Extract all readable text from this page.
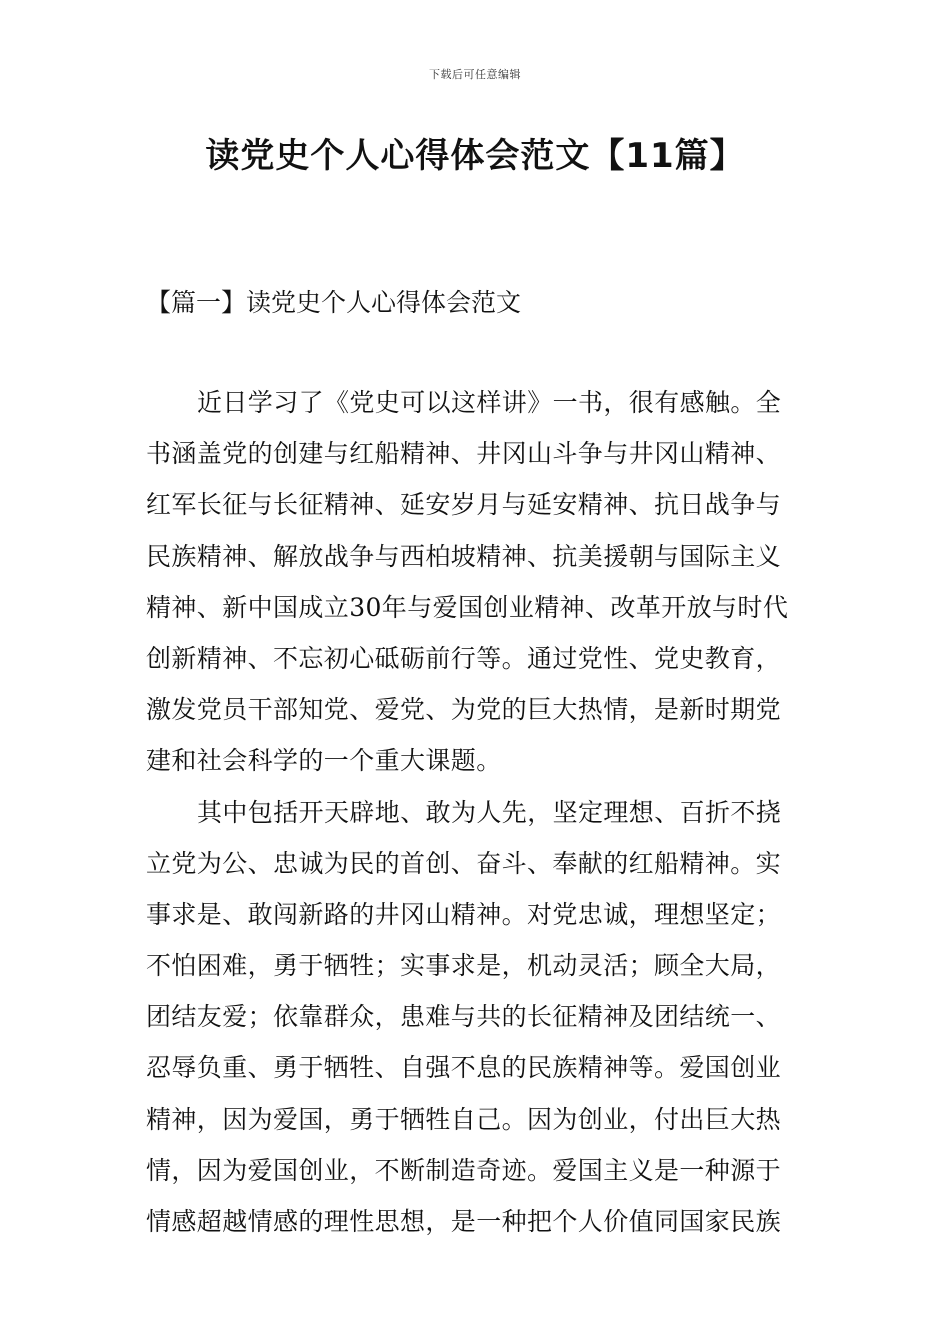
下载后可任意编辑
读党史个人心得体会范文【11篇】
【篇一】读党史个人心得体会范文
近日学习了《党史可以这样讲》一书，很有感触。全
书涵盖党的创建与红船精神、井冈山斗争与井冈山精神、
红军长征与长征精神、延安岁月与延安精神、抗日战争与
民族精神、解放战争与西柏坡精神、抗美援朝与国际主义
精神、新中国成立30年与爱国创业精神、改革开放与时代
创新精神、不忘初心砥砺前行等。通过党性、党史教育，
激发党员干部知党、爱党、为党的巨大热情，是新时期党
建和社会科学的一个重大课题。
其中包括开天辟地、敢为人先，坚定理想、百折不挠
立党为公、忠诚为民的首创、奋斗、奉献的红船精神。实
事求是、敢闯新路的井冈山精神。对党忠诚，理想坚定；
不怕困难，勇于牺牲；实事求是，机动灵活；顾全大局，
团结友爱；依靠群众，患难与共的长征精神及团结统一、
忍辱负重、勇于牺牲、自强不息的民族精神等。爱国创业
精神，因为爱国，勇于牺牲自己。因为创业，付出巨大热
情，因为爱国创业，不断制造奇迹。爱国主义是一种源于
情感超越情感的理性思想，是一种把个人价值同国家民族
